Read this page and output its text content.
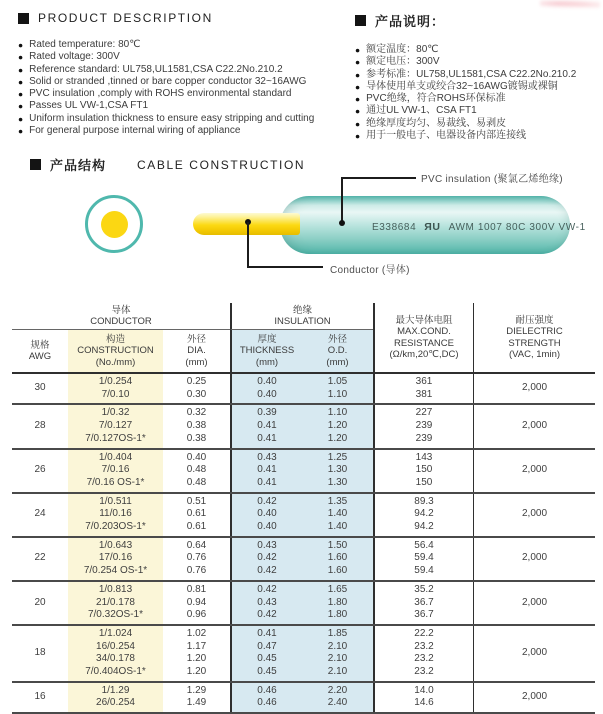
PRODUCT DESCRIPTION
● Rated temperature: 80℃
● Rated voltage: 300V
● Reference standard: UL758,UL1581,CSA C22.2No.210.2
● Solid or stranded ,tinned or bare copper conductor 32~16AWG
● PVC insulation ,comply with ROHS environmental standard
● Passes UL VW-1,CSA FT1
● Uniform insulation thickness to ensure easy stripping and cutting
● For general purpose internal wiring of appliance
产品说明：
● 额定温度：80℃
● 额定电压：300V
● 参考标准：UL758,UL1581,CSA C22.2No.210.2
● 导体使用单支或绞合32~16AWG镀锡或裸铜
● PVC绝缘，符合ROHS环保标准
● 通过UL VW-1、CSA FT1
● 绝缘厚度均匀、易裁线、易剥皮
● 用于一般电子、电器设备内部连接线
产品结构	CABLE CONSTRUCTION
E338684 ЯU AWM 1007 80C 300V VW-1
PVC insulation (聚氯乙烯绝缘)
Conductor (导体)
导体
CONDUCTOR
绝缘
INSULATION	最大导体电阻
MAX.COND.
RESISTANCE
(Ω/km,20℃,DC)
耐压强度
DIELECTRIC
STRENGTH
(VAC, 1min)
规格
AWG
构造
CONSTRUCTION
(No./mm)
外径
DIA.
(mm)
厚度
THICKNESS
(mm)
外径
O.D.
(mm)
30
1/0.254
7/0.10
0.25
0.30
0.40
0.40
1.05
1.10
361
381
2,000
28
1/0.32
7/0.127
7/0.127OS-1*
0.32
0.38
0.38
0.39
0.41
0.41
1.10
1.20
1.20
227
239
239
2,000
26
1/0.404
7/0.16
7/0.16 OS-1*
0.40
0.48
0.48
0.43
0.41
0.41
1.25
1.30
1.30
143
150
150
2,000
24
1/0.511
11/0.16
7/0.203OS-1*
0.51
0.61
0.61
0.42
0.40
0.40
1.35
1.40
1.40
89.3
94.2
94.2
2,000
22
1/0.643
17/0.16
7/0.254 OS-1*
0.64
0.76
0.76
0.43
0.42
0.42
1.50
1.60
1.60
56.4
59.4
59.4
2,000
20
1/0.813
21/0.178
7/0.32OS-1*
0.81
0.94
0.96
0.42
0.43
0.42
1.65
1.80
1.80
35.2
36.7
36.7
2,000
18
1/1.024
16/0.254
34/0.178
7/0.404OS-1*
1.02
1.17
1.20
1.20
0.41
0.47
0.45
0.45
1.85
2.10
2.10
2.10
22.2
23.2
23.2
23.2
2,000
16
1/1.29
26/0.254
1.29
1.49
0.46
0.46
2.20
2.40
14.0
14.6
2,000
